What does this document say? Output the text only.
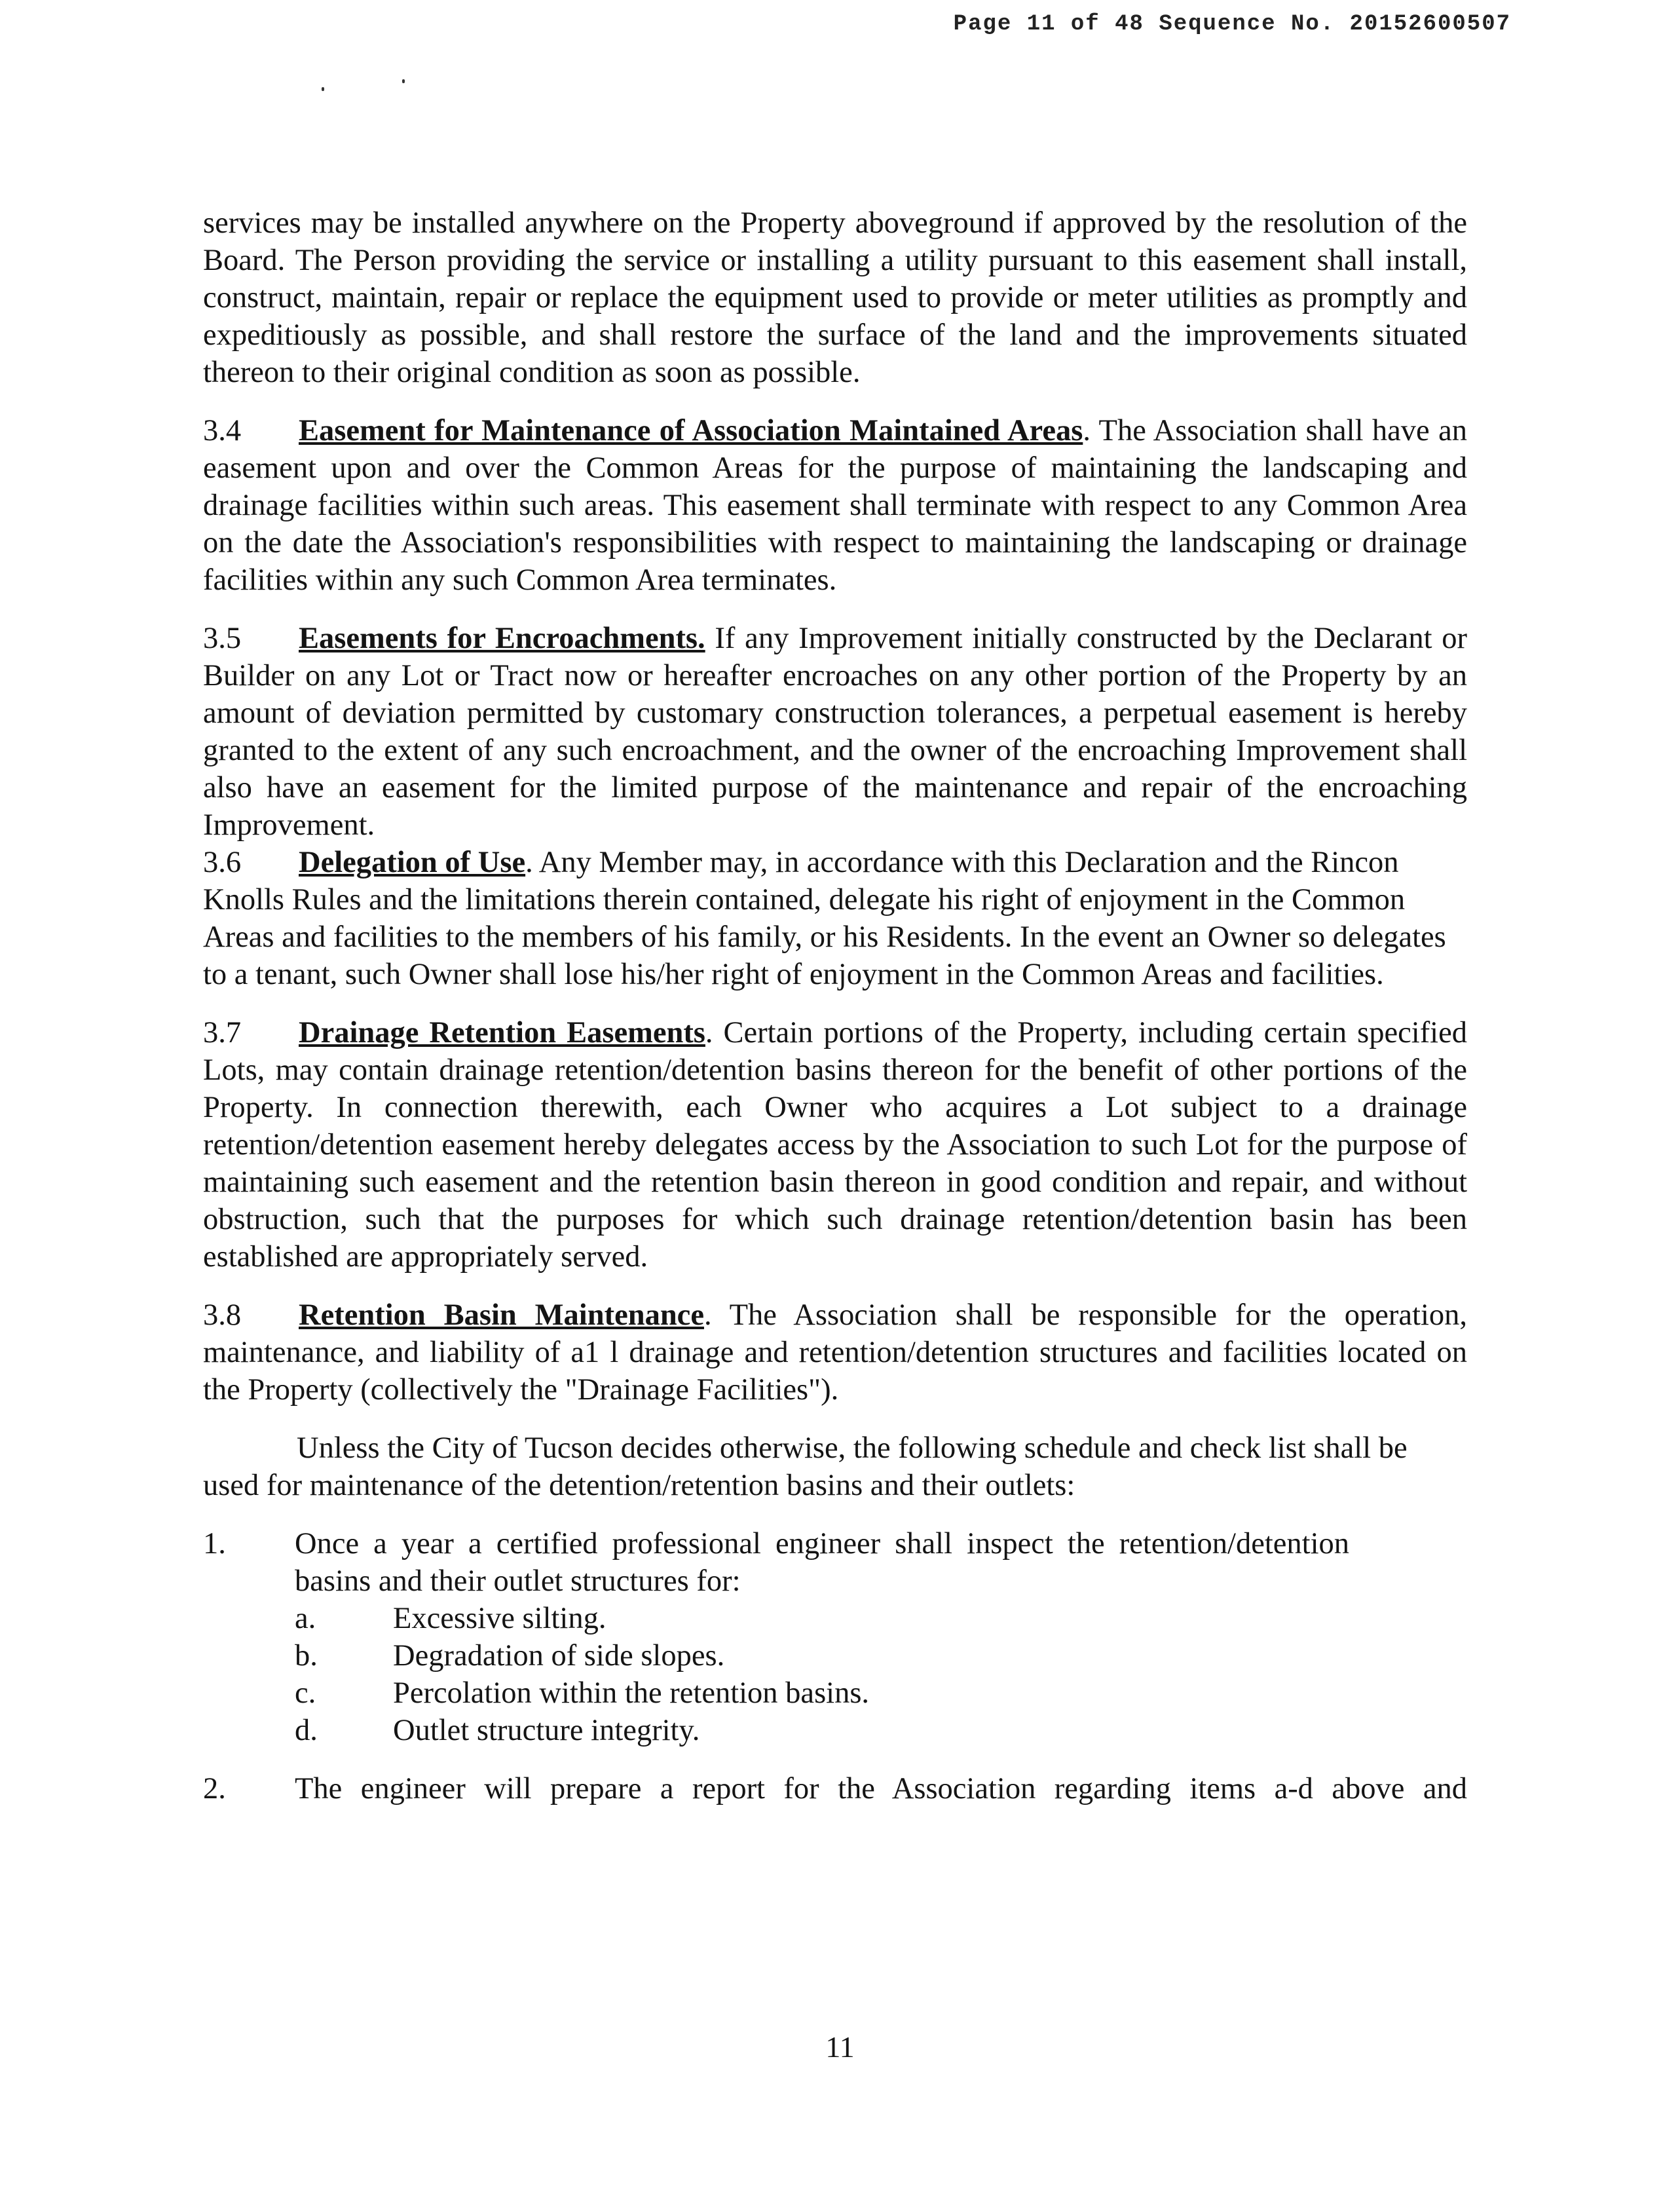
Page 11 of 48 Sequence No. 20152600507

services may be installed anywhere on the Property aboveground if approved by the resolution of the Board. The Person providing the service or installing a utility pursuant to this easement shall install, construct, maintain, repair or replace the equipment used to provide or meter utilities as promptly and expeditiously as possible, and shall restore the surface of the land and the improvements situated thereon to their original condition as soon as possible.

3.4 Easement for Maintenance of Association Maintained Areas. The Association shall have an easement upon and over the Common Areas for the purpose of maintaining the landscaping and drainage facilities within such areas. This easement shall terminate with respect to any Common Area on the date the Association's responsibilities with respect to maintaining the landscaping or drainage facilities within any such Common Area terminates.

3.5 Easements for Encroachments. If any Improvement initially constructed by the Declarant or Builder on any Lot or Tract now or hereafter encroaches on any other portion of the Property by an amount of deviation permitted by customary construction tolerances, a perpetual easement is hereby granted to the extent of any such encroachment, and the owner of the encroaching Improvement shall also have an easement for the limited purpose of the maintenance and repair of the encroaching Improvement.

3.6 Delegation of Use. Any Member may, in accordance with this Declaration and the Rincon Knolls Rules and the limitations therein contained, delegate his right of enjoyment in the Common Areas and facilities to the members of his family, or his Residents. In the event an Owner so delegates to a tenant, such Owner shall lose his/her right of enjoyment in the Common Areas and facilities.

3.7 Drainage Retention Easements. Certain portions of the Property, including certain specified Lots, may contain drainage retention/detention basins thereon for the benefit of other portions of the Property. In connection therewith, each Owner who acquires a Lot subject to a drainage retention/detention easement hereby delegates access by the Association to such Lot for the purpose of maintaining such easement and the retention basin thereon in good condition and repair, and without obstruction, such that the purposes for which such drainage retention/detention basin has been established are appropriately served.

3.8 Retention Basin Maintenance. The Association shall be responsible for the operation, maintenance, and liability of a1 l drainage and retention/detention structures and facilities located on the Property (collectively the "Drainage Facilities").

Unless the City of Tucson decides otherwise, the following schedule and check list shall be used for maintenance of the detention/retention basins and their outlets:

1.	Once a year a certified professional engineer shall inspect the retention/detention basins and their outlet structures for:
a.	Excessive silting.
b.	Degradation of side slopes.
c.	Percolation within the retention basins.
d.	Outlet structure integrity.
2.	The engineer will prepare a report for the Association regarding items a-d above and
11
